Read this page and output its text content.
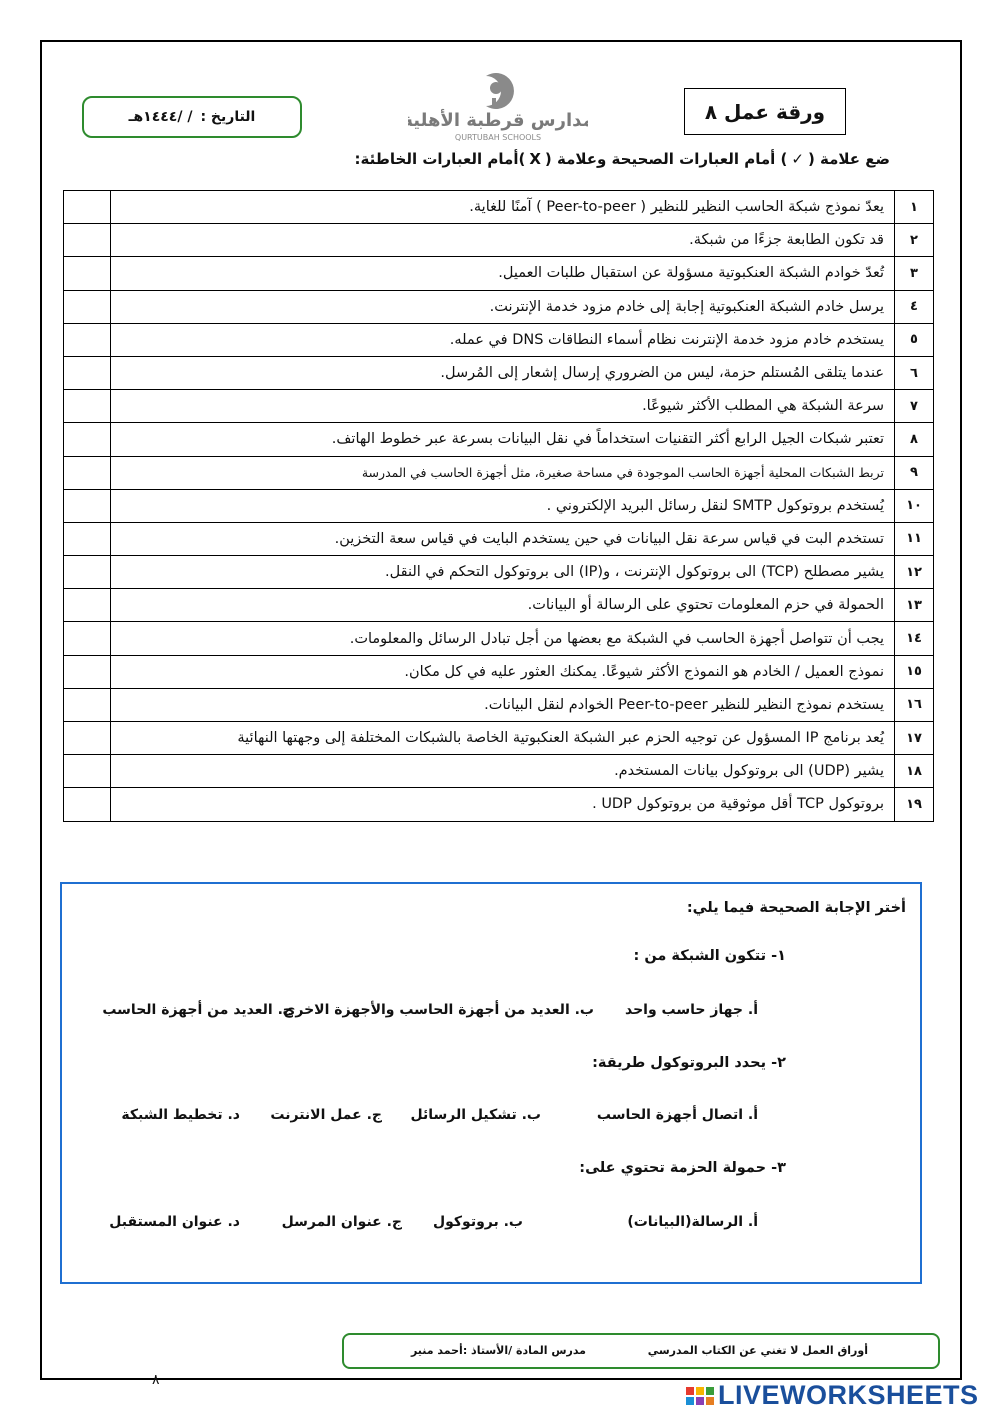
ورقة عمل ٨
مدارس قرطبة الأهلية
QURTUBAH SCHOOLS
التاريخ :
/ /١٤٤٤هـ
ضع علامة (✓) أمام العبارات الصحيحة وعلامة (X)أمام العبارات الخاطئة:
١	يعدّ نموذج شبكة الحاسب النظير للنظير ( Peer-to-peer ) آمنًا للغاية.	
٢	قد تكون الطابعة جزءًا من شبكة.	
٣	تُعدّ خوادم الشبكة العنكبوتية مسؤولة عن استقبال طلبات العميل.	
٤	يرسل خادم الشبكة العنكبوتية إجابة إلى خادم مزود خدمة الإنترنت.	
٥	يستخدم خادم مزود خدمة الإنترنت نظام أسماء النطاقات DNS في عمله.	
٦	عندما يتلقى المُستلم حزمة، ليس من الضروري إرسال إشعار إلى المُرسل.	
٧	سرعة الشبكة هي المطلب الأكثر شيوعًا.	
٨	تعتبر شبكات الجيل الرابع أكثر التقنيات استخداماً في نقل البيانات بسرعة عبر خطوط الهاتف.	
٩	تربط الشبكات المحلية أجهزة الحاسب الموجودة في مساحة صغيرة، مثل أجهزة الحاسب في المدرسة	
١٠	يُستخدم بروتوكول SMTP لنقل رسائل البريد الإلكتروني .	
١١	تستخدم البت في قياس سرعة نقل البيانات في حين يستخدم البايت في قياس سعة التخزين.	
١٢	يشير مصطلح (TCP) الى بروتوكول الإنترنت ، و(IP) الى بروتوكول التحكم في النقل.	
١٣	الحمولة في حزم المعلومات تحتوي على الرسالة أو البيانات.	
١٤	يجب أن تتواصل أجهزة الحاسب في الشبكة مع بعضها من أجل تبادل الرسائل والمعلومات.	
١٥	نموذج العميل / الخادم هو النموذج الأكثر شيوعًا. يمكنك العثور عليه في كل مكان.	
١٦	يستخدم نموذج النظير للنظير Peer-to-peer الخوادم لنقل البيانات.	
١٧	يُعد برنامج IP المسؤول عن توجيه الحزم عبر الشبكة العنكبوتية الخاصة بالشبكات المختلفة إلى وجهتها النهائية	
١٨	يشير (UDP) الى بروتوكول بيانات المستخدم.	
١٩	بروتوكول TCP أقل موثوقية من بروتوكول UDP .	
أختر الإجابة الصحيحة فيما يلي:
١- تتكون الشبكة من :
أ. جهاز حاسب واحد
ب. العديد من أجهزة الحاسب والأجهزة الاخرى
ج. العديد من أجهزة الحاسب
٢- يحدد البروتوكول طريقة:
أ. اتصال أجهزة الحاسب
ب. تشكيل الرسائل
ج. عمل الانترنت
د. تخطيط الشبكة
٣- حمولة الحزمة تحتوي على:
أ. الرسالة(البيانات)
ب. بروتوكول
ج. عنوان المرسل
د. عنوان المستقبل
أوراق العمل لا تغني عن الكتاب المدرسي
مدرس المادة /الأستاذ :أحمد منير
٨	LIVEWORKSHEETS
